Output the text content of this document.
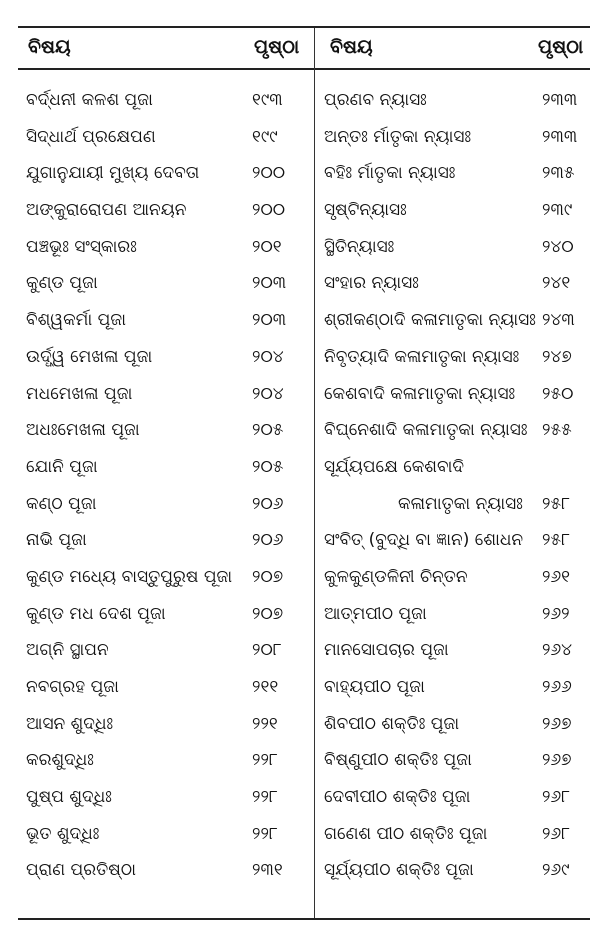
ବିଷୟ	ପୃଷ୍ଠା ବିଷୟ	ପୃଷ୍ଠା
ବର୍ଦ୍ଧନୀ କଳଶ ପୂଜା	୧୯୩	ପ୍ରଣବ ନ୍ୟାସଃ	୨୩୩
ସିଦ୍ଧାର୍ଥ ପ୍ରକ୍ଷେପଣ	୧୯୯	ଅନ୍ତଃ ର୍ମାତୃକା ନ୍ୟାସଃ	୨୩୩
ଯୁଗାନୁଯାୟୀ ମୁଖ୍ୟ ଦେବତା	୨୦୦	ବହିଃ ର୍ମାତୃକା ନ୍ୟାସଃ	୨୩୫
ଅଙ୍କୁରାରୋପଣ ଆନୟନ	୨୦୦	ସୃଷ୍ଟିନ୍ୟାସଃ	୨୩୯
ପଞ୍ଚଭୂଃ ସଂସ୍କାରଃ	୨୦୧	ସ୍ଥିତିନ୍ୟାସଃ	୨୪୦
କୁଣ୍ଡ ପୂଜା	୨୦୩	ସଂହାର ନ୍ୟାସଃ	୨୪୧
ବିଶ୍ୱକର୍ମା ପୂଜା	୨୦୩	ଶ୍ରୀକଣ୍ଠାଦି କଳାମାତୃକା ନ୍ୟାସଃ ୨୪୩
ଉର୍ଦ୍ଧ୍ୱ ମେଖଳା ପୂଜା	୨୦୪	ନିବୃତ୍ୟାଦି କଳାମାତୃକା ନ୍ୟାସଃ	୨୪୭
ମଧମେଖଳା ପୂଜା	୨୦୪	କେଶବାଦି କଳାମାତୃକା ନ୍ୟାସଃ	୨୫୦
ଅଧଃମେଖଳା ପୂଜା	୨୦୫	ବିଘ୍ନେଶାଦି କଳାମାତୃକା ନ୍ୟାସଃ ୨୫୫
ଯୋନି ପୂଜା	୨୦୫	ସୂର୍ଯ୍ୟପକ୍ଷେ କେଶବାଦି
କଣ୍ଠ ପୂଜା	୨୦୬	କଳାମାତୃକା ନ୍ୟାସଃ	୨୫୮
ନାଭି ପୂଜା	୨୦୬	ସଂବିତ୍ (ବୁଦ୍ଧି ବା ଜ୍ଞାନ) ଶୋଧନ	୨୫୮
କୁଣ୍ଡ ମଧ୍ୟେ ବାସ୍ତୁପୁରୁଷ ପୂଜା	୨୦୭	କୁଳକୁଣ୍ଡଳିନୀ ଚିନ୍ତନ	୨୬୧
କୁଣ୍ଡ ମଧ ଦେଶ ପୂଜା	୨୦୭	ଆତ୍ମପୀଠ ପୂଜା	୨୬୨
ଅଗ୍ନି ସ୍ଥାପନ	୨୦୮	ମାନସୋପଚାର ପୂଜା	୨୬୪
ନବଗ୍ରହ ପୂଜା	୨୧୧	ବାହ୍ୟପୀଠ ପୂଜା	୨୬୬
ଆସନ ଶୁଦ୍ଧିଃ	୨୨୧	ଶିବପୀଠ ଶକ୍ତିଃ ପୂଜା	୨୬୭
କରଶୁଦ୍ଧିଃ	୨୨୮	ବିଷ୍ଣୁପୀଠ ଶକ୍ତିଃ ପୂଜା	୨୬୭
ପୁଷ୍ପ ଶୁଦ୍ଧିଃ	୨୨୮	ଦେବୀପୀଠ ଶକ୍ତିଃ ପୂଜା	୨୬୮
ଭୂତ ଶୁଦ୍ଧିଃ	୨୨୮	ଗଣେଶ ପୀଠ ଶକ୍ତିଃ ପୂଜା	୨୬୮
ପ୍ରାଣ ପ୍ରତିଷ୍ଠା	୨୩୧	ସୂର୍ଯ୍ୟପୀଠ ଶକ୍ତିଃ ପୂଜା	୨୬୯
